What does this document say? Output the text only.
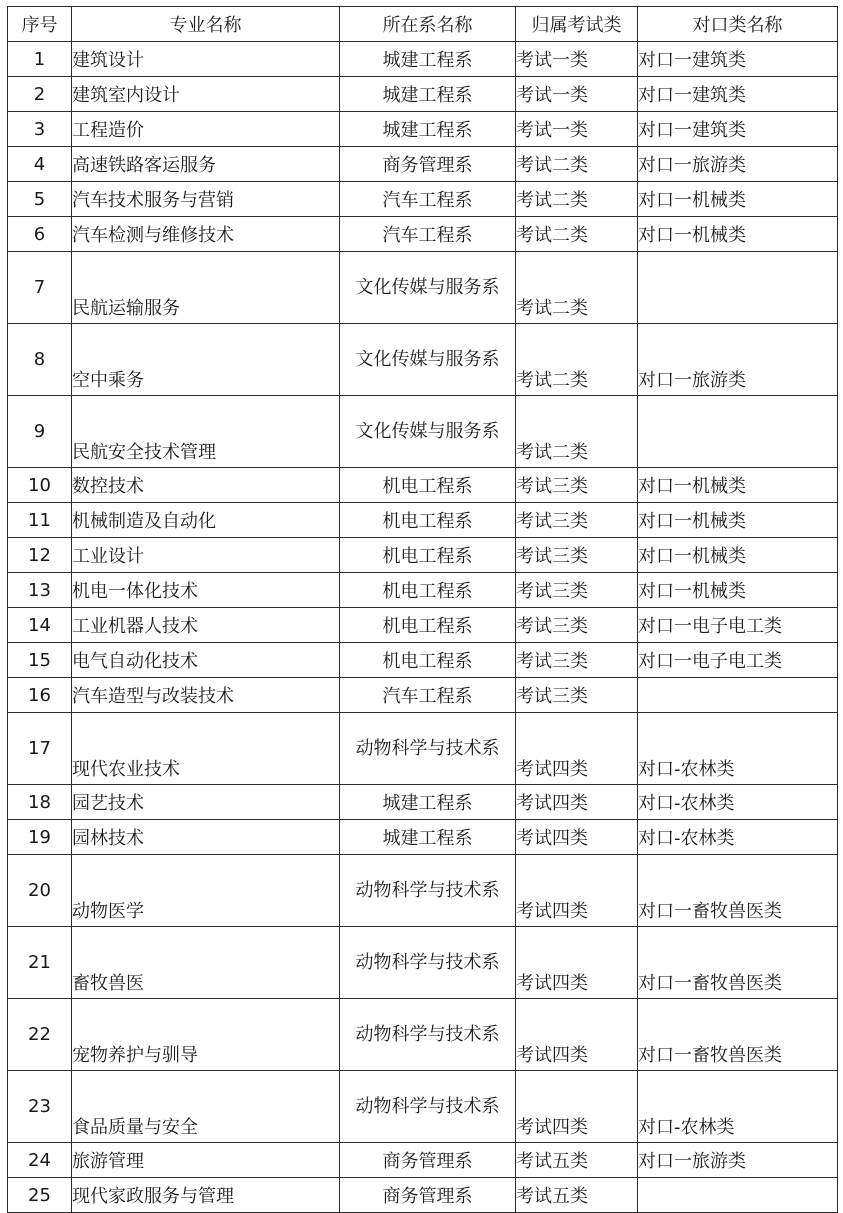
序号	专业名称	所在系名称	归属考试类	对口类名称
1	建筑设计	城建工程系	考试一类	对口一建筑类
2	建筑室内设计	城建工程系	考试一类	对口一建筑类
3	工程造价	城建工程系	考试一类	对口一建筑类
4	高速铁路客运服务	商务管理系	考试二类	对口一旅游类
5	汽车技术服务与营销	汽车工程系	考试二类	对口一机械类
6	汽车检测与维修技术	汽车工程系	考试二类	对口一机械类
7	民航运输服务	文化传媒与服务系	考试二类	
8	空中乘务	文化传媒与服务系	考试二类	对口一旅游类
9	民航安全技术管理	文化传媒与服务系	考试二类	
10	数控技术	机电工程系	考试三类	对口一机械类
11	机械制造及自动化	机电工程系	考试三类	对口一机械类
12	工业设计	机电工程系	考试三类	对口一机械类
13	机电一体化技术	机电工程系	考试三类	对口一机械类
14	工业机器人技术	机电工程系	考试三类	对口一电子电工类
15	电气自动化技术	机电工程系	考试三类	对口一电子电工类
16	汽车造型与改装技术	汽车工程系	考试三类	
17	现代农业技术	动物科学与技术系	考试四类	对口-农林类
18	园艺技术	城建工程系	考试四类	对口-农林类
19	园林技术	城建工程系	考试四类	对口-农林类
20	动物医学	动物科学与技术系	考试四类	对口一畜牧兽医类
21	畜牧兽医	动物科学与技术系	考试四类	对口一畜牧兽医类
22	宠物养护与驯导	动物科学与技术系	考试四类	对口一畜牧兽医类
23	食品质量与安全	动物科学与技术系	考试四类	对口-农林类
24	旅游管理	商务管理系	考试五类	对口一旅游类
25	现代家政服务与管理	商务管理系	考试五类	
